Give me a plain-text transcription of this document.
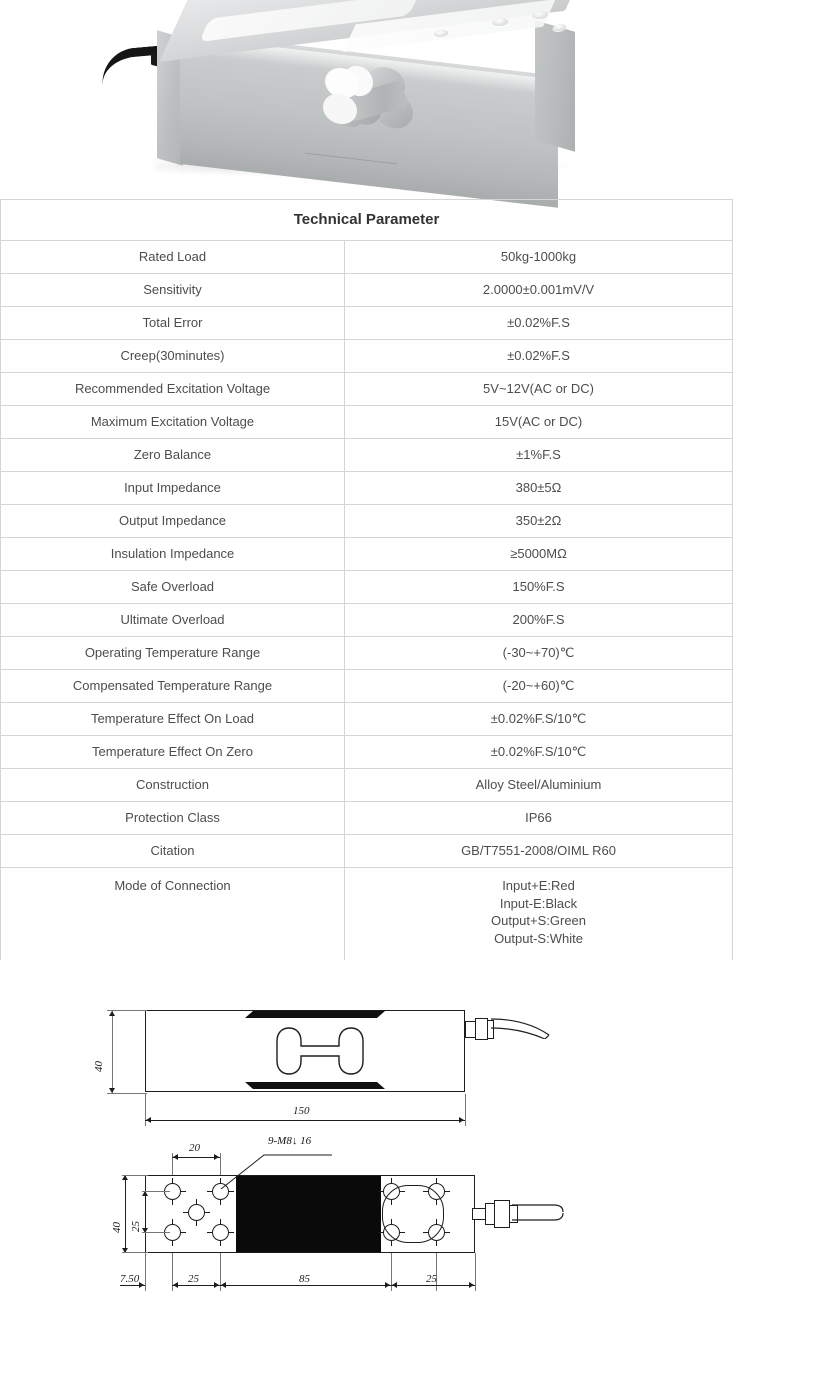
Technical Parameter		
Rated Load	50kg-1000kg	
Sensitivity	2.0000±0.001mV/V	
Total Error	±0.02%F.S	
Creep(30minutes)	±0.02%F.S	
Recommended Excitation Voltage	5V~12V(AC or DC)	
Maximum Excitation Voltage	15V(AC or DC)	
Zero Balance	±1%F.S	
Input Impedance	380±5Ω	
Output Impedance	350±2Ω	
Insulation Impedance	≥5000MΩ	
Safe Overload	150%F.S	
Ultimate Overload	200%F.S	
Operating Temperature Range	(-30~+70)℃	
Compensated Temperature Range	(-20~+60)℃	
Temperature Effect On Load	±0.02%F.S/10℃	
Temperature Effect On Zero	±0.02%F.S/10℃	
Construction	Alloy Steel/Aluminium	
Protection Class	IP66	
Citation	GB/T7551-2008/OIML R60	
Mode of Connection	Input+E:Red
Input-E:Black
Output+S:Green
Output-S:White	

40
150
9-M8↓ 16
20
40 25
7.50	25	85	25
